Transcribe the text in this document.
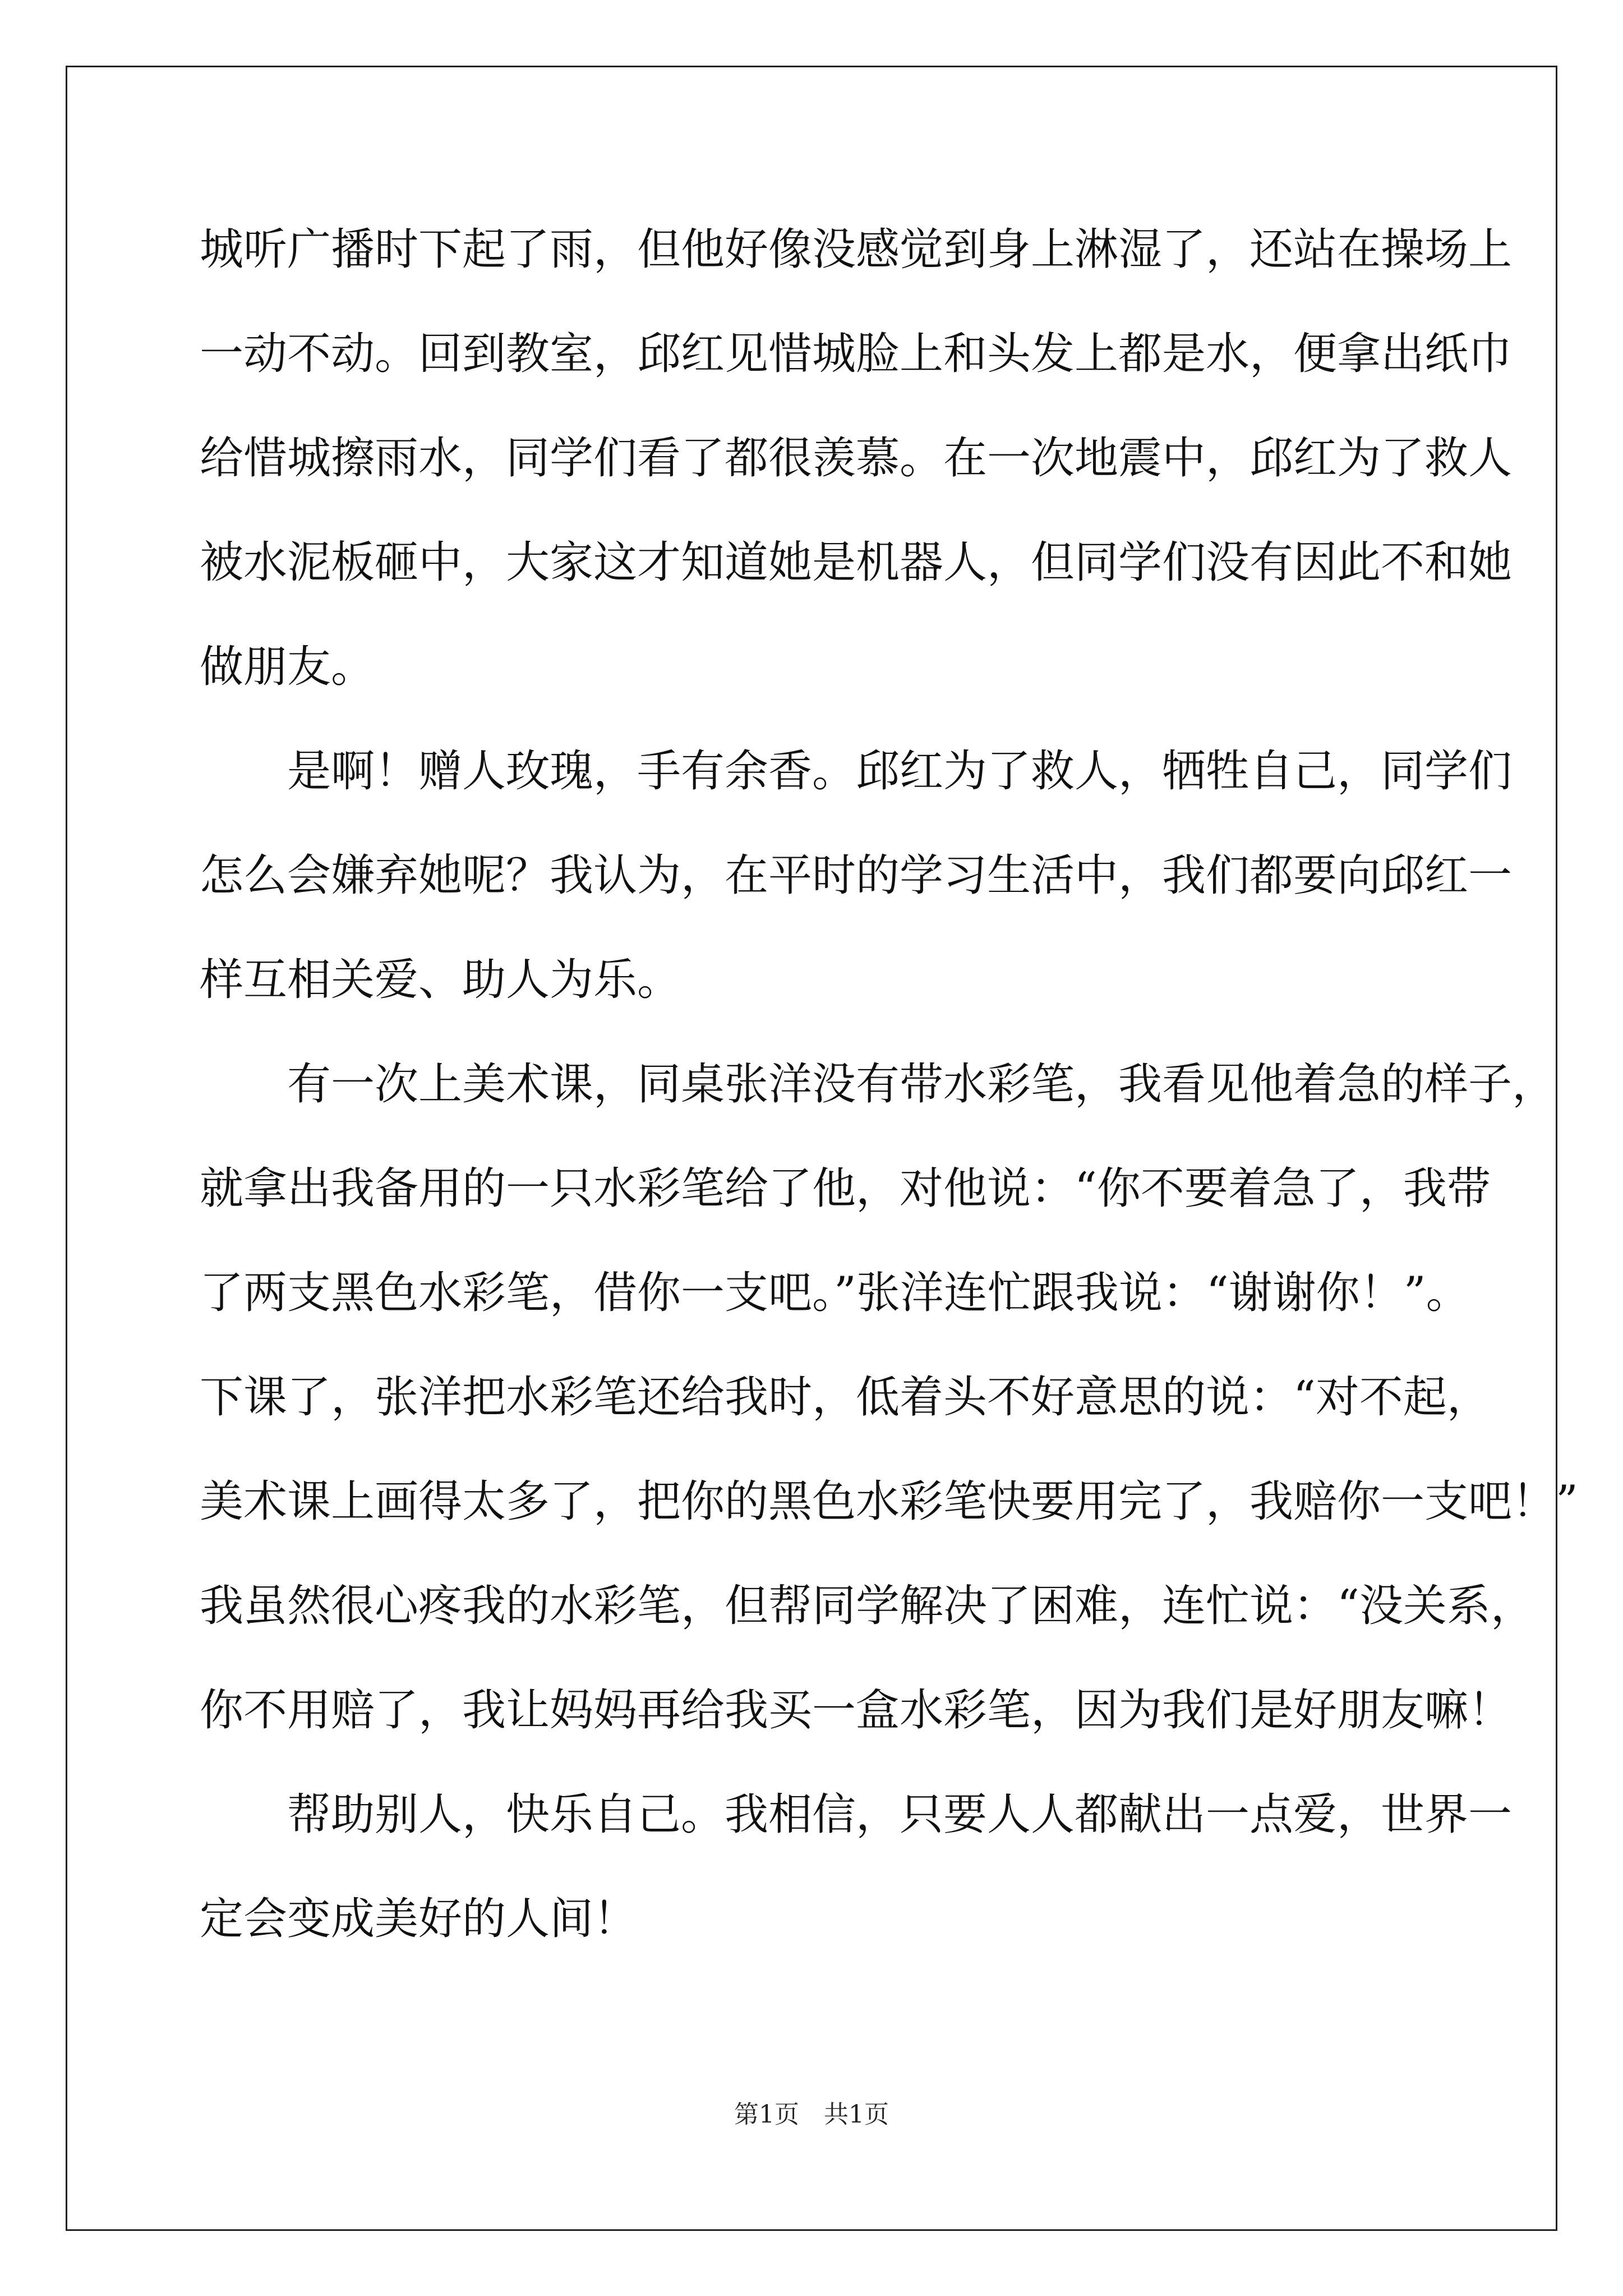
城听广播时下起了雨，但他好像没感觉到身上淋湿了，还站在操场上
一动不动。回到教室，邱红见惜城脸上和头发上都是水，便拿出纸巾
给惜城擦雨水，同学们看了都很羡慕。在一次地震中，邱红为了救人
被水泥板砸中，大家这才知道她是机器人，但同学们没有因此不和她
做朋友。
是啊！赠人玫瑰，手有余香。邱红为了救人，牺牲自己，同学们
怎么会嫌弃她呢？我认为，在平时的学习生活中，我们都要向邱红一
样互相关爱、助人为乐。
有一次上美术课，同桌张洋没有带水彩笔，我看见他着急的样子，
就拿出我备用的一只水彩笔给了他，对他说：“你不要着急了，我带
了两支黑色水彩笔，借你一支吧。”张洋连忙跟我说：“谢谢你！”。
下课了，张洋把水彩笔还给我时，低着头不好意思的说：“对不起，
美术课上画得太多了，把你的黑色水彩笔快要用完了，我赔你一支吧！”
我虽然很心疼我的水彩笔，但帮同学解决了困难，连忙说：“没关系，
你不用赔了，我让妈妈再给我买一盒水彩笔，因为我们是好朋友嘛！
帮助别人，快乐自己。我相信，只要人人都献出一点爱，世界一
定会变成美好的人间！
第1页　共1页
